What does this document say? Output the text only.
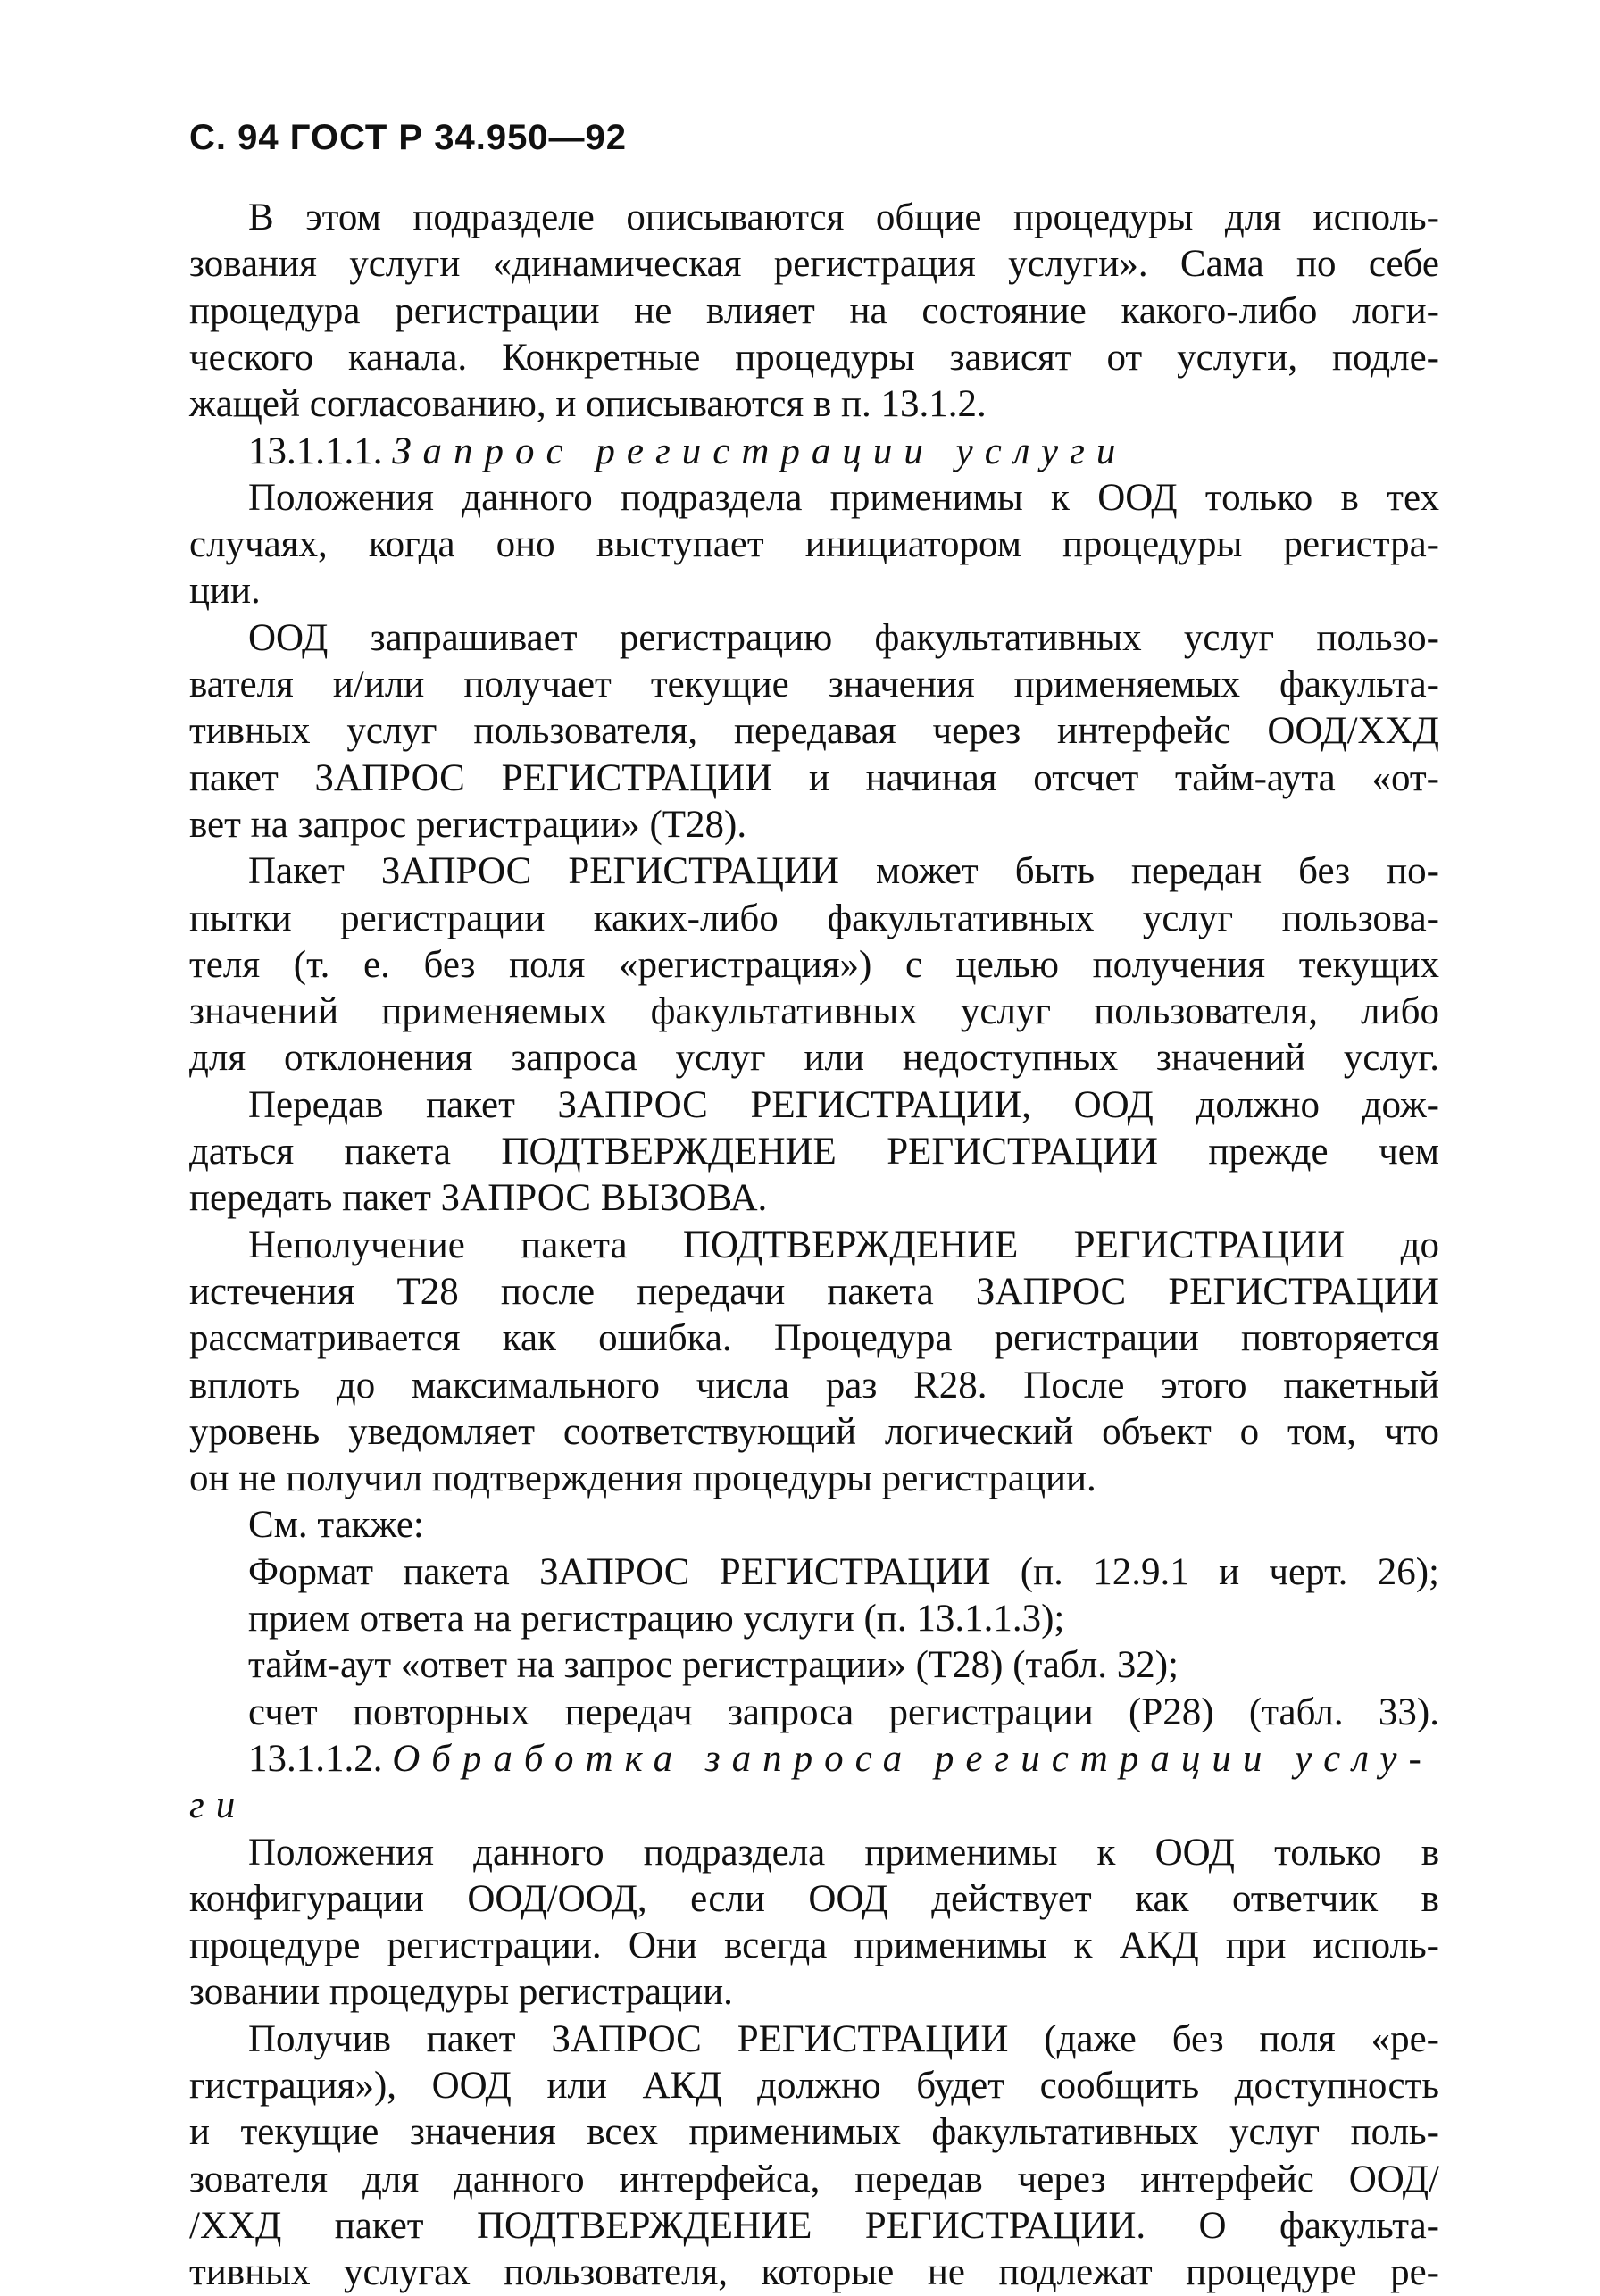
С. 94 ГОСТ Р 34.950—92
В этом подразделе описываются общие процедуры для исполь-
зования услуги «динамическая регистрация услуги». Сама по себе
процедура регистрации не влияет на состояние какого-либо логи-
ческого канала. Конкретные процедуры зависят от услуги, подле-
жащей согласованию, и описываются в п. 13.1.2.
13.1.1.1. Запрос регистрации услуги
Положения данного подраздела применимы к ООД только в тех
случаях, когда оно выступает инициатором процедуры регистра-
ции.
ООД запрашивает регистрацию факультативных услуг пользо-
вателя и/или получает текущие значения применяемых факульта-
тивных услуг пользователя, передавая через интерфейс ООД/ХХД
пакет ЗАПРОС РЕГИСТРАЦИИ и начиная отсчет тайм-аута «от-
вет на запрос регистрации» (Т28).
Пакет ЗАПРОС РЕГИСТРАЦИИ может быть передан без по-
пытки регистрации каких-либо факультативных услуг пользова-
теля (т. е. без поля «регистрация») с целью получения текущих
значений применяемых факультативных услуг пользователя, либо
для отклонения запроса услуг или недоступных значений услуг.
Передав пакет ЗАПРОС РЕГИСТРАЦИИ, ООД должно дож-
даться пакета ПОДТВЕРЖДЕНИЕ РЕГИСТРАЦИИ прежде чем
передать пакет ЗАПРОС ВЫЗОВА.
Неполучение пакета ПОДТВЕРЖДЕНИЕ РЕГИСТРАЦИИ до
истечения Т28 после передачи пакета ЗАПРОС РЕГИСТРАЦИИ
рассматривается как ошибка. Процедура регистрации повторяется
вплоть до максимального числа раз R28. После этого пакетный
уровень уведомляет соответствующий логический объект о том, что
он не получил подтверждения процедуры регистрации.
См. также:
Формат пакета ЗАПРОС РЕГИСТРАЦИИ (п. 12.9.1 и черт. 26);
прием ответа на регистрацию услуги (п. 13.1.1.3);
тайм-аут «ответ на запрос регистрации» (Т28) (табл. 32);
счет повторных передач запроса регистрации (Р28) (табл. 33).
13.1.1.2. Обработка запроса регистрации услу-
ги
Положения данного подраздела применимы к ООД только в
конфигурации ООД/ООД, если ООД действует как ответчик в
процедуре регистрации. Они всегда применимы к АКД при исполь-
зовании процедуры регистрации.
Получив пакет ЗАПРОС РЕГИСТРАЦИИ (даже без поля «ре-
гистрация»), ООД или АКД должно будет сообщить доступность
и текущие значения всех применимых факультативных услуг поль-
зователя для данного интерфейса, передав через интерфейс ООД/
/ХХД пакет ПОДТВЕРЖДЕНИЕ РЕГИСТРАЦИИ. О факульта-
тивных услугах пользователя, которые не подлежат процедуре ре-
